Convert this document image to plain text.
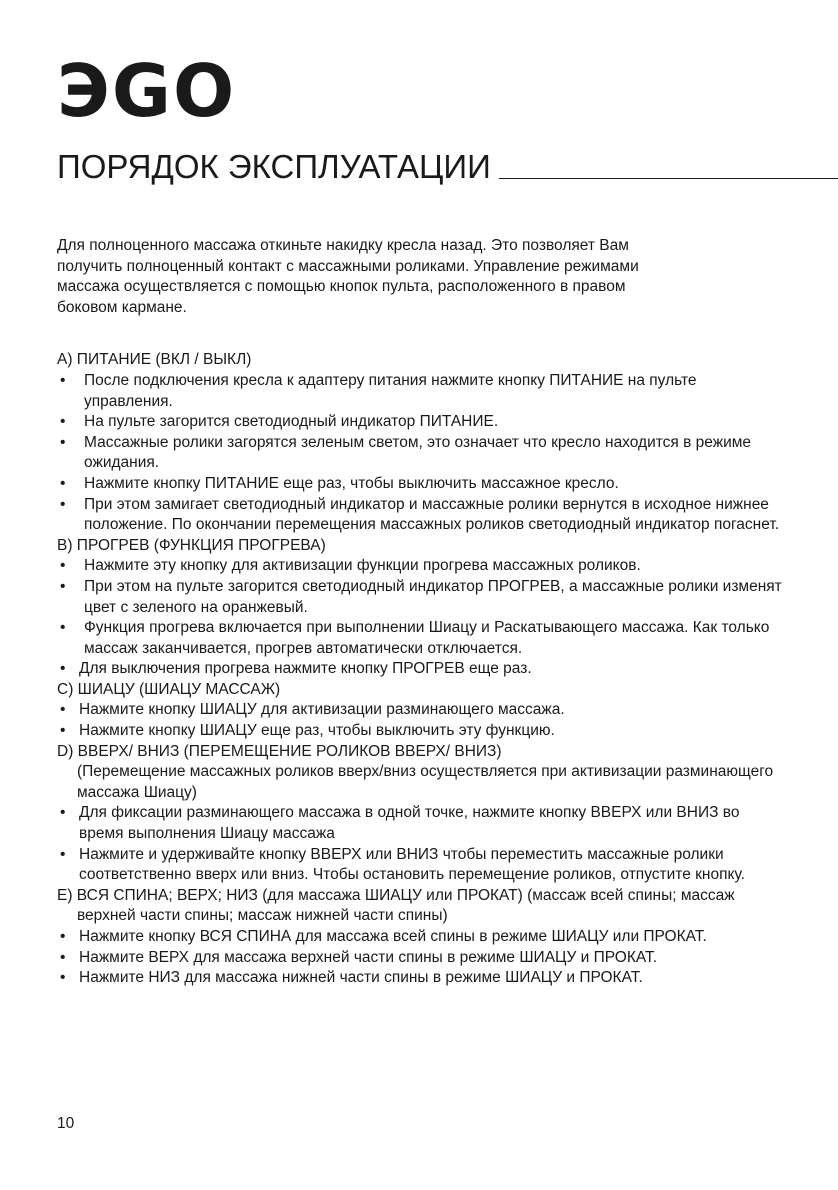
ЭGO
ПОРЯДОК ЭКСПЛУАТАЦИИ

Для полноценного массажа откиньте накидку кресла назад. Это позволяет Вам

получить полноценный контакт с массажными роликами. Управление режимами

массажа осуществляется с помощью кнопок пульта, расположенного в правом

боковом кармане.

А) ПИТАНИЕ (ВКЛ / ВЫКЛ)

• После подключения кресла к адаптеру питания нажмите кнопку ПИТАНИЕ на пульте управления.
• На пульте загорится светодиодный индикатор ПИТАНИЕ.
• Массажные ролики загорятся зеленым светом, это означает что кресло находится в режиме ожидания.
• Нажмите кнопку ПИТАНИЕ еще раз, чтобы выключить массажное кресло.
• При этом замигает светодиодный индикатор и массажные ролики вернутся в исходное нижнее положение. По окончании перемещения массажных роликов светодиодный индикатор погаснет.

В) ПРОГРЕВ (ФУНКЦИЯ ПРОГРЕВА)

• Нажмите эту кнопку для активизации функции прогрева массажных роликов.
• При этом на пульте загорится светодиодный индикатор ПРОГРЕВ, а массажные ролики изменят цвет с зеленого на оранжевый.
• Функция прогрева включается при выполнении Шиацу и Раскатывающего массажа. Как только массаж заканчивается, прогрев автоматически отключается.
• Для выключения прогрева нажмите кнопку ПРОГРЕВ еще раз.

С) ШИАЦУ (ШИАЦУ МАССАЖ)

• Нажмите кнопку ШИАЦУ для активизации разминающего массажа.
• Нажмите кнопку ШИАЦУ еще раз, чтобы выключить эту функцию.

D) ВВЕРХ/ ВНИЗ (ПЕРЕМЕЩЕНИЕ РОЛИКОВ ВВЕРХ/ ВНИЗ)

(Перемещение массажных роликов вверх/вниз осуществляется при активизации разминающего массажа Шиацу)

• Для фиксации разминающего массажа в одной точке, нажмите кнопку ВВЕРХ или ВНИЗ во время выполнения Шиацу массажа
• Нажмите и удерживайте кнопку ВВЕРХ или ВНИЗ чтобы переместить массажные ролики соответственно вверх или вниз. Чтобы остановить перемещение роликов, отпустите кнопку.

Е) ВСЯ СПИНА; ВЕРХ; НИЗ (для массажа ШИАЦУ или ПРОКАТ) (массаж всей спины; массаж верхней части спины; массаж нижней части спины)

• Нажмите кнопку ВСЯ СПИНА для массажа всей спины в режиме ШИАЦУ или ПРОКАТ.
• Нажмите ВЕРХ для массажа верхней части спины в режиме ШИАЦУ и ПРОКАТ.
• Нажмите НИЗ для массажа нижней части спины в режиме ШИАЦУ и ПРОКАТ.
10
